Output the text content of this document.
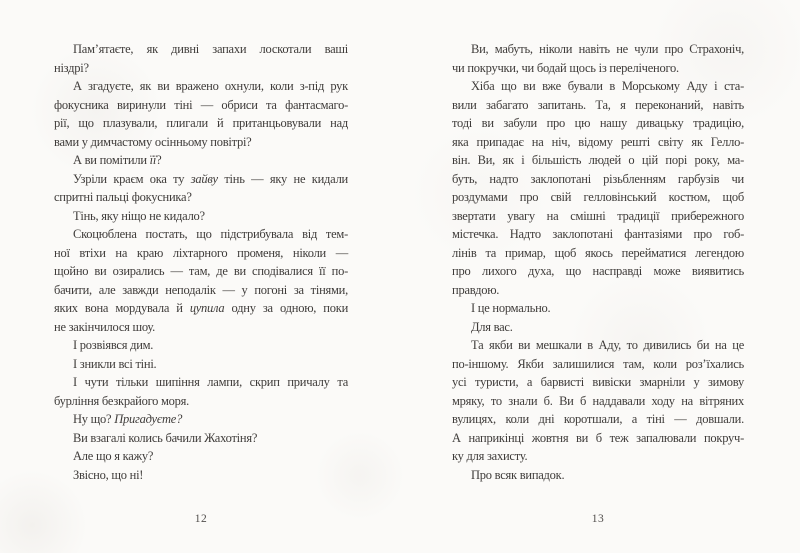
Пам’ятаєте, як дивні запахи лоскотали ваші
ніздрі?
А згадуєте, як ви вражено охнули, коли з-під рук
фокусника виринули тіні — обриси та фантасмаго-
рії, що плазували, плигали й пританцьовували над
вами у димчастому осінньому повітрі?
А ви помітили її?
Узріли краєм ока ту зайву тінь — яку не кидали
спритні пальці фокусника?
Тінь, яку ніщо не кидало?
Скоцюблена постать, що підстрибувала від тем-
ної втіхи на краю ліхтарного променя, ніколи —
щойно ви озирались — там, де ви сподівалися її по-
бачити, але завжди неподалік — у погоні за тінями,
яких вона мордувала й цупила одну за одною, поки
не закінчилося шоу.
І розвіявся дим.
І зникли всі тіні.
І чути тільки шипіння лампи, скрип причалу та
бурління безкрайого моря.
Ну що? Пригадуєте?
Ви взагалі колись бачили Жахотіня?
Але що я кажу?
Звісно, що ні!
12
Ви, мабуть, ніколи навіть не чули про Страхоніч,
чи покручки, чи бодай щось із переліченого.
Хіба що ви вже бували в Морському Аду і ста-
вили забагато запитань. Та, я переконаний, навіть
тоді ви забули про цю нашу дивацьку традицію,
яка припадає на ніч, відому решті світу як Гелло-
він. Ви, як і більшість людей о цій порі року, ма-
буть, надто заклопотані різьбленням гарбузів чи
роздумами про свій гелловінський костюм, щоб
звертати увагу на смішні традиції прибережного
містечка. Надто заклопотані фантазіями про гоб-
лінів та примар, щоб якось перейматися легендою
про лихого духа, що насправді може виявитись
правдою.
І це нормально.
Для вас.
Та якби ви мешкали в Аду, то дивились би на це
по-іншому. Якби залишилися там, коли роз’їхались
усі туристи, а барвисті вивіски змарніли у зимову
мряку, то знали б. Ви б наддавали ходу на вітряних
вулицях, коли дні коротшали, а тіні — довшали.
А наприкінці жовтня ви б теж запалювали покруч-
ку для захисту.
Про всяк випадок.
13
